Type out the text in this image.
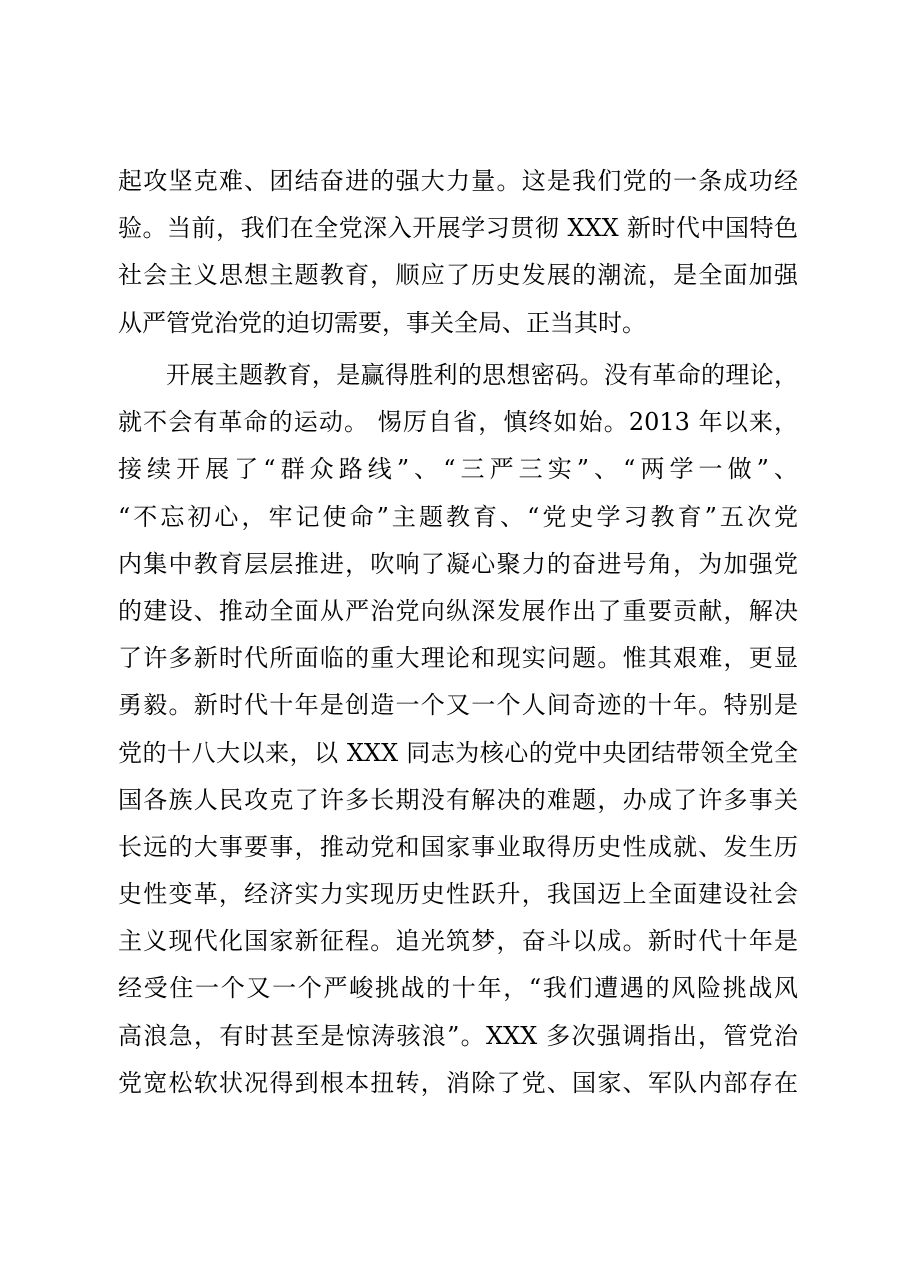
起攻坚克难、团结奋进的强大力量。这是我们党的一条成功经
验。当前，我们在全党深入开展学习贯彻 XXX 新时代中国特色
社会主义思想主题教育，顺应了历史发展的潮流，是全面加强
从严管党治党的迫切需要，事关全局、正当其时。
开展主题教育，是赢得胜利的思想密码。没有革命的理论，
就不会有革命的运动。 惕厉自省，慎终如始。2013 年以来，
接续开展了“群众路线”、“三严三实”、“两学一做”、
“不忘初心，牢记使命”主题教育、“党史学习教育”五次党
内集中教育层层推进，吹响了凝心聚力的奋进号角，为加强党
的建设、推动全面从严治党向纵深发展作出了重要贡献，解决
了许多新时代所面临的重大理论和现实问题。惟其艰难，更显
勇毅。新时代十年是创造一个又一个人间奇迹的十年。特别是
党的十八大以来，以 XXX 同志为核心的党中央团结带领全党全
国各族人民攻克了许多长期没有解决的难题，办成了许多事关
长远的大事要事，推动党和国家事业取得历史性成就、发生历
史性变革，经济实力实现历史性跃升，我国迈上全面建设社会
主义现代化国家新征程。追光筑梦，奋斗以成。新时代十年是
经受住一个又一个严峻挑战的十年，“我们遭遇的风险挑战风
高浪急，有时甚至是惊涛骇浪”。XXX 多次强调指出，管党治
党宽松软状况得到根本扭转，消除了党、国家、军队内部存在
